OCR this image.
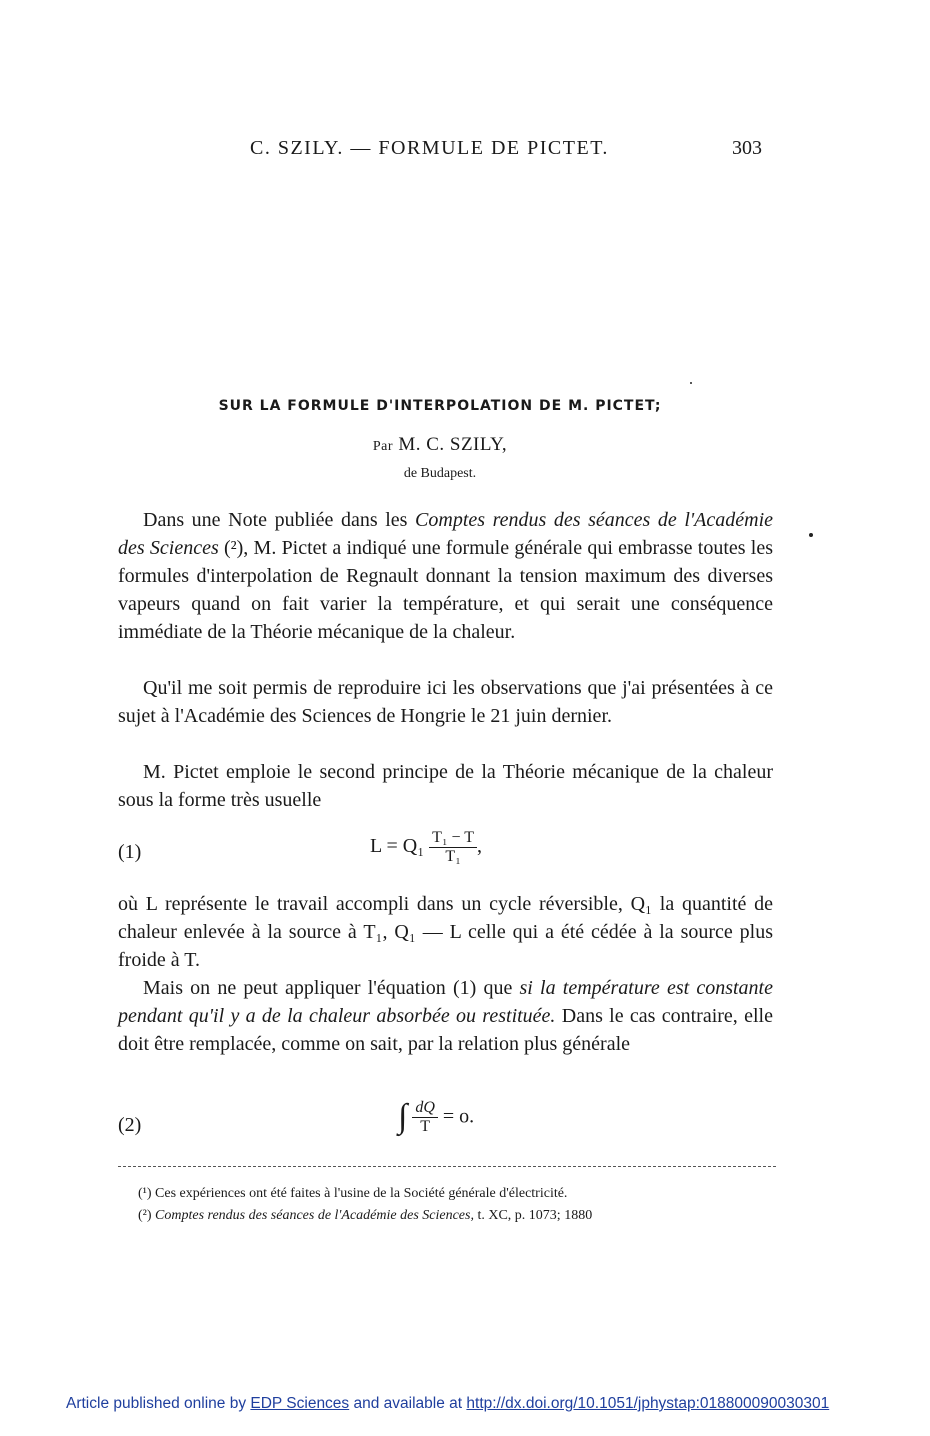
C. SZILY. — FORMULE DE PICTET.	303
SUR LA FORMULE D'INTERPOLATION DE M. PICTET;
Par M. C. SZILY,
de Budapest.
Dans une Note publiée dans les Comptes rendus des séances de l'Académie des Sciences (²), M. Pictet a indiqué une formule générale qui embrasse toutes les formules d'interpolation de Regnault donnant la tension maximum des diverses vapeurs quand on fait varier la température, et qui serait une conséquence immédiate de la Théorie mécanique de la chaleur.
Qu'il me soit permis de reproduire ici les observations que j'ai présentées à ce sujet à l'Académie des Sciences de Hongrie le 21 juin dernier.
M. Pictet emploie le second principe de la Théorie mécanique de la chaleur sous la forme très usuelle
(1)	$L = Q_1 \frac{\text{T₁ − T}}{\text{T₁}}$ ,
où L représente le travail accompli dans un cycle réversible, Q₁ la quantité de chaleur enlevée à la source à T₁, Q₁ — L celle qui a été cédée à la source plus froide à T.
Mais on ne peut appliquer l'équation (1) que si la température est constante pendant qu'il y a de la chaleur absorbée ou restituée. Dans le cas contraire, elle doit être remplacée, comme on sait, par la relation plus générale
(2)	∫ $\frac{dQ}{T} = o$.
(¹) Ces expériences ont été faites à l'usine de la Société générale d'électricité.
(²) Comptes rendus des séances de l'Académie des Sciences, t. XC, p. 1073; 1880
Article published online by EDP Sciences and available at http://dx.doi.org/10.1051/jphystap:018800090030301
